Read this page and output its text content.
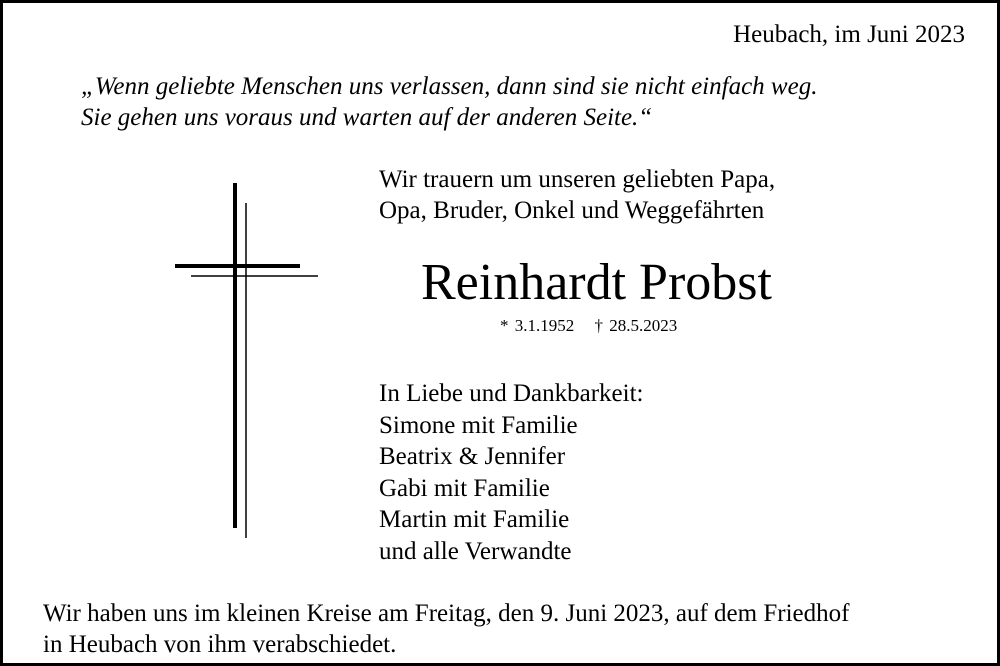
Heubach, im Juni 2023
„Wenn geliebte Menschen uns verlassen, dann sind sie nicht einfach weg.
Sie gehen uns voraus und warten auf der anderen Seite.“
Wir trauern um unseren geliebten Papa,
Opa, Bruder, Onkel und Weggefährten
Reinhardt Probst
* 3.1.1952 † 28.5.2023
In Liebe und Dankbarkeit:
Simone mit Familie
Beatrix & Jennifer
Gabi mit Familie
Martin mit Familie
und alle Verwandte
Wir haben uns im kleinen Kreise am Freitag, den 9. Juni 2023, auf dem Friedhof
in Heubach von ihm verabschiedet.
